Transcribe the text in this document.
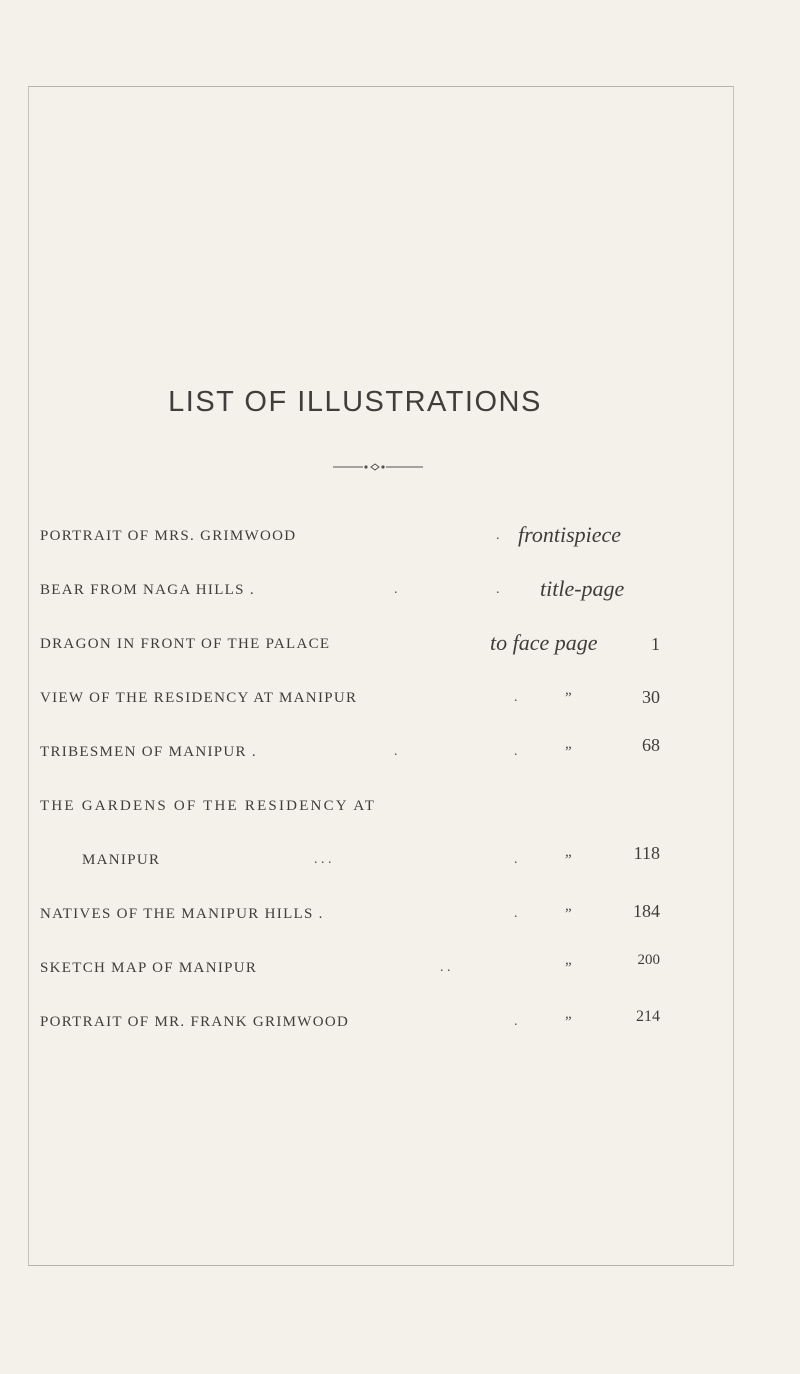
LIST OF ILLUSTRATIONS
PORTRAIT OF MRS. GRIMWOOD	. frontispiece
BEAR FROM NAGA HILLS .	.	. title-page
DRAGON IN FRONT OF THE PALACE	to face page	1
VIEW OF THE RESIDENCY AT MANIPUR	.	”	30
TRIBESMEN OF MANIPUR .	.	.	”	68
THE GARDENS OF THE RESIDENCY AT
MANIPUR	. . .	.	”	118
NATIVES OF THE MANIPUR HILLS .	.	”	184
SKETCH MAP OF MANIPUR	. .	”	200
PORTRAIT OF MR. FRANK GRIMWOOD	.	”	214
